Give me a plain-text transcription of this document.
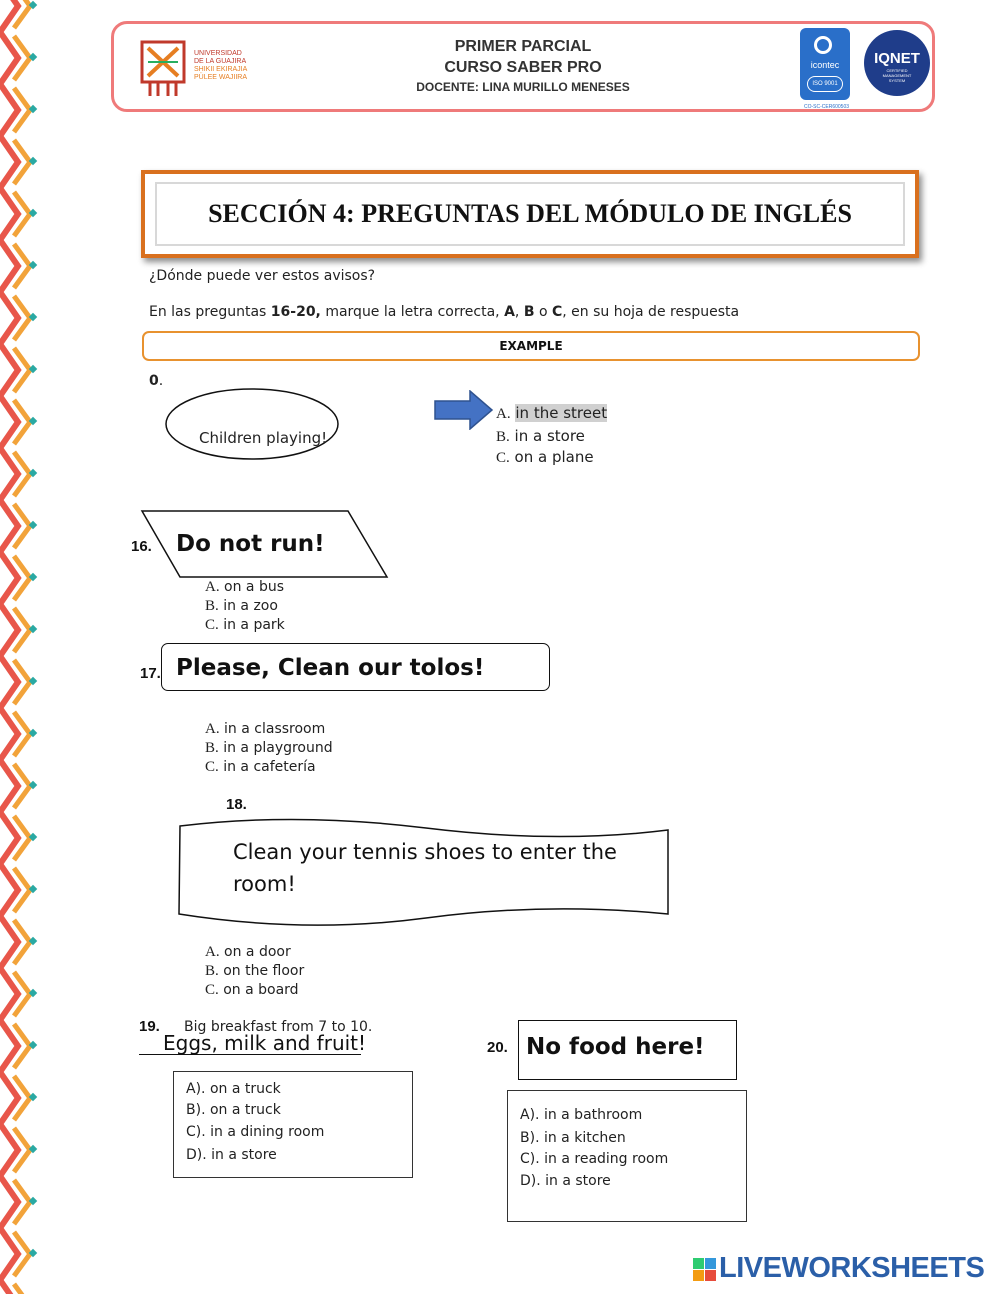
UNIVERSIDAD
DE LA GUAJIRA
SHIKII EKIRAJIA
PÜLEE WAJIIRA
PRIMER PARCIAL
CURSO SABER PRO
DOCENTE: LINA MURILLO MENESES
icontec
ISO 9001
CO-SC-CER600503
IQNET
CERTIFIED
MANAGEMENT
SYSTEM
SECCIÓN 4: PREGUNTAS DEL MÓDULO DE INGLÉS
¿Dónde puede ver estos avisos?
En las preguntas 16-20, marque la letra correcta, A, B o C, en su hoja de respuesta
EXAMPLE
0.
Children playing!
A. in the street
B. in a store
C. on a plane
16. Do not run!
A. on a bus
B. in a zoo
C. in a park
17. Please, Clean our tolos!
A. in a classroom
B. in a playground
C. in a cafetería
18.
Clean your tennis shoes to enter the
room!
A. on a door
B. on the floor
C. on a board
19. Big breakfast from 7 to 10.
Eggs, milk and fruit!
A). on a truck
B). on a truck
C). in a dining room
D). in a store
20. No food here!
A). in a bathroom
B). in a kitchen
C). in a reading room
D). in a store
LIVEWORKSHEETS
